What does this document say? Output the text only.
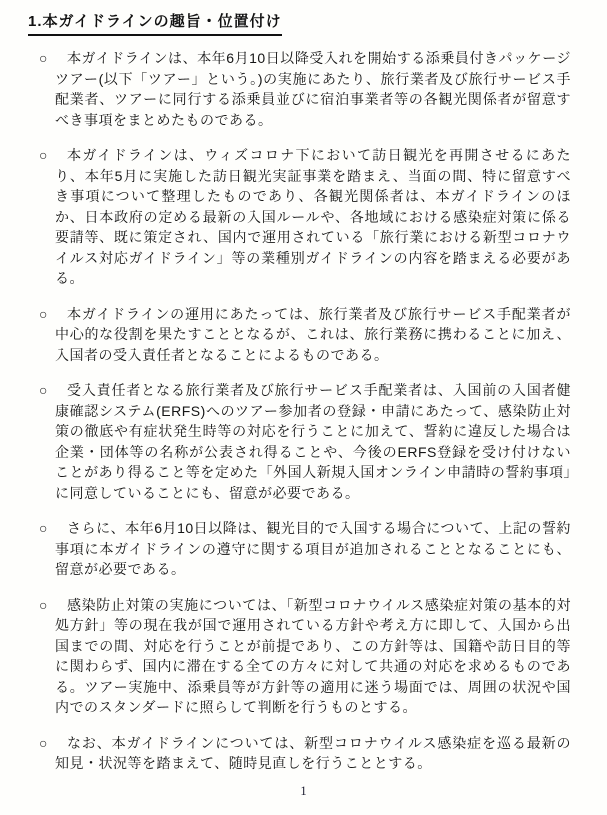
1.本ガイドラインの趣旨・位置付け
○ 本ガイドラインは、本年6月10日以降受入れを開始する添乗員付きパッケージツアー(以下「ツアー」という。)の実施にあたり、旅行業者及び旅行サービス手配業者、ツアーに同行する添乗員並びに宿泊事業者等の各観光関係者が留意すべき事項をまとめたものである。
○ 本ガイドラインは、ウィズコロナ下において訪日観光を再開させるにあたり、本年5月に実施した訪日観光実証事業を踏まえ、当面の間、特に留意すべき事項について整理したものであり、各観光関係者は、本ガイドラインのほか、日本政府の定める最新の入国ルールや、各地域における感染症対策に係る要請等、既に策定され、国内で運用されている「旅行業における新型コロナウイルス対応ガイドライン」等の業種別ガイドラインの内容を踏まえる必要がある。
○ 本ガイドラインの運用にあたっては、旅行業者及び旅行サービス手配業者が中心的な役割を果たすこととなるが、これは、旅行業務に携わることに加え、入国者の受入責任者となることによるものである。
○ 受入責任者となる旅行業者及び旅行サービス手配業者は、入国前の入国者健康確認システム(ERFS)へのツアー参加者の登録・申請にあたって、感染防止対策の徹底や有症状発生時等の対応を行うことに加えて、誓約に違反した場合は企業・団体等の名称が公表され得ることや、今後のERFS登録を受け付けないことがあり得ること等を定めた「外国人新規入国オンライン申請時の誓約事項」に同意していることにも、留意が必要である。
○ さらに、本年6月10日以降は、観光目的で入国する場合について、上記の誓約事項に本ガイドラインの遵守に関する項目が追加されることとなることにも、留意が必要である。
○ 感染防止対策の実施については、「新型コロナウイルス感染症対策の基本的対処方針」等の現在我が国で運用されている方針や考え方に即して、入国から出国までの間、対応を行うことが前提であり、この方針等は、国籍や訪日目的等に関わらず、国内に滞在する全ての方々に対して共通の対応を求めるものである。ツアー実施中、添乗員等が方針等の適用に迷う場面では、周囲の状況や国内でのスタンダードに照らして判断を行うものとする。
○ なお、本ガイドラインについては、新型コロナウイルス感染症を巡る最新の知見・状況等を踏まえて、随時見直しを行うこととする。
1
